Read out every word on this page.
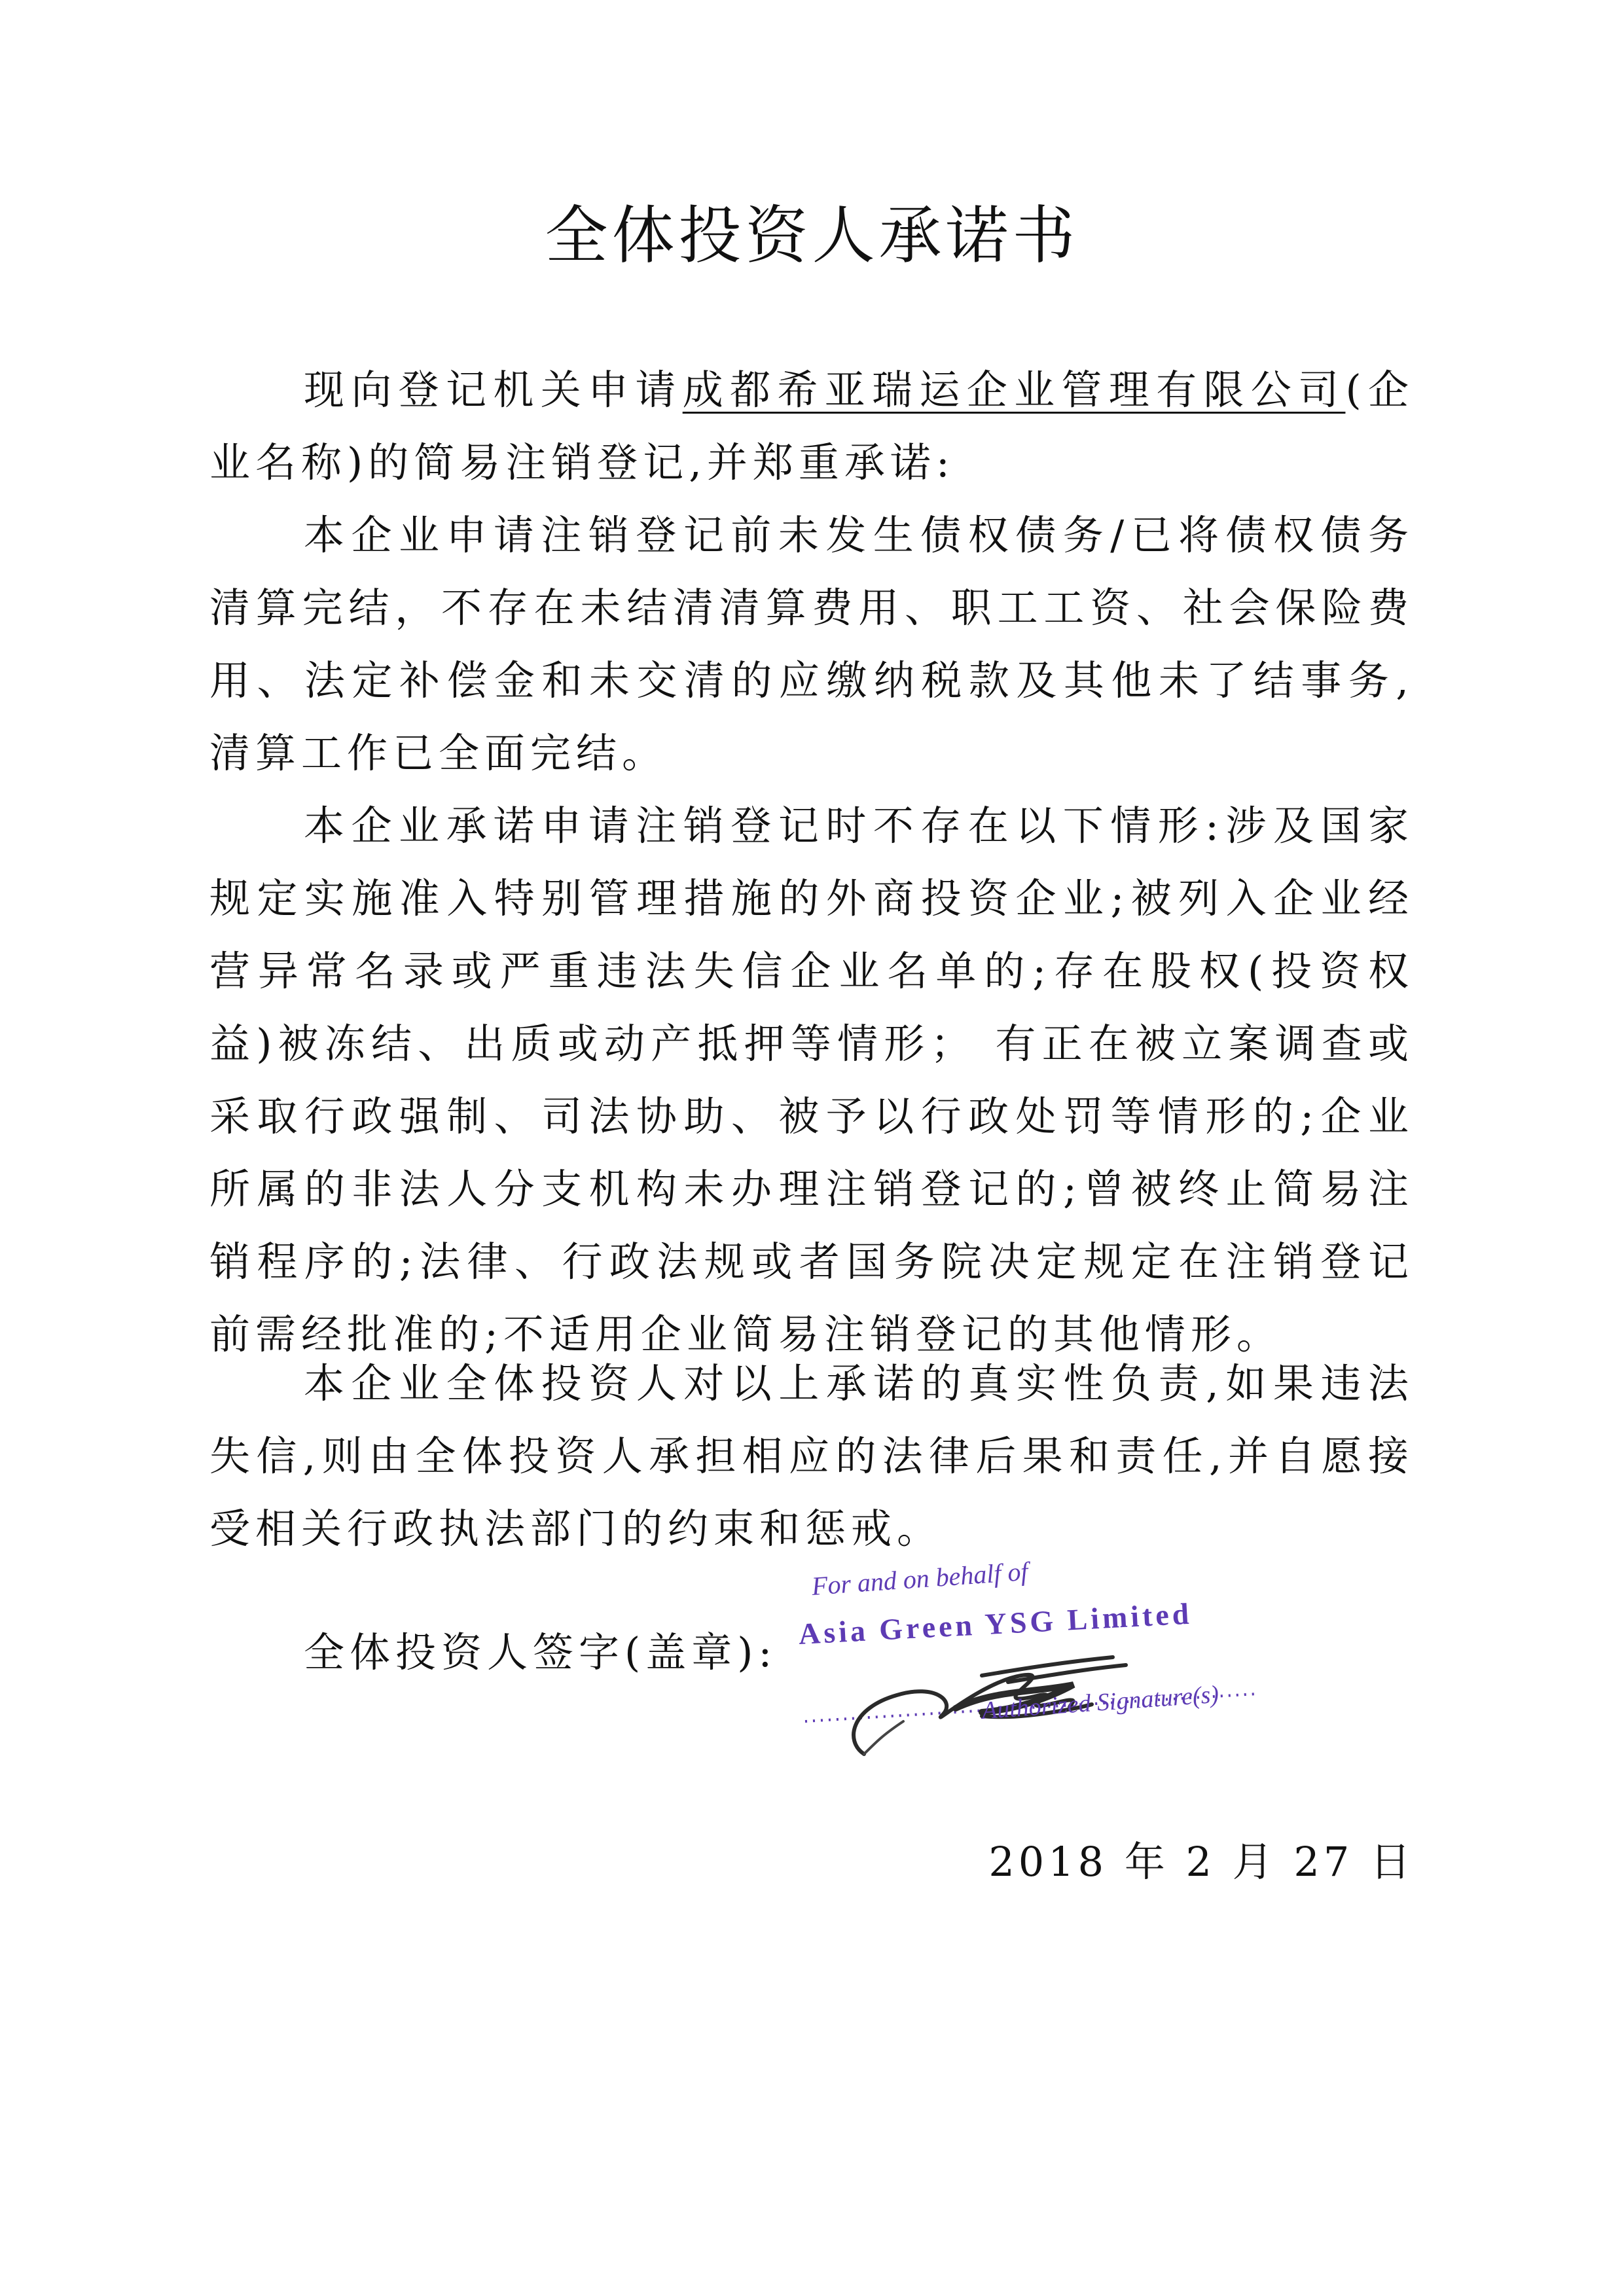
全体投资人承诺书

现向登记机关申请成都希亚瑞运企业管理有限公司(企业名称)的简易注销登记,并郑重承诺:

本企业申请注销登记前未发生债权债务/已将债权债务清算完结，不存在未结清清算费用、职工工资、社会保险费用、法定补偿金和未交清的应缴纳税款及其他未了结事务,清算工作已全面完结。

本企业承诺申请注销登记时不存在以下情形:涉及国家规定实施准入特别管理措施的外商投资企业;被列入企业经营异常名录或严重违法失信企业名单的;存在股权(投资权益)被冻结、出质或动产抵押等情形； 有正在被立案调查或采取行政强制、司法协助、被予以行政处罚等情形的;企业所属的非法人分支机构未办理注销登记的;曾被终止简易注销程序的;法律、行政法规或者国务院决定规定在注销登记前需经批准的;不适用企业简易注销登记的其他情形。

本企业全体投资人对以上承诺的真实性负责,如果违法失信,则由全体投资人承担相应的法律后果和责任,并自愿接受相关行政执法部门的约束和惩戒。

全体投资人签字(盖章):
For and on behalf of
Asia Green YSG Limited
Authorized Signature(s)
2018 年 2 月 27 日
